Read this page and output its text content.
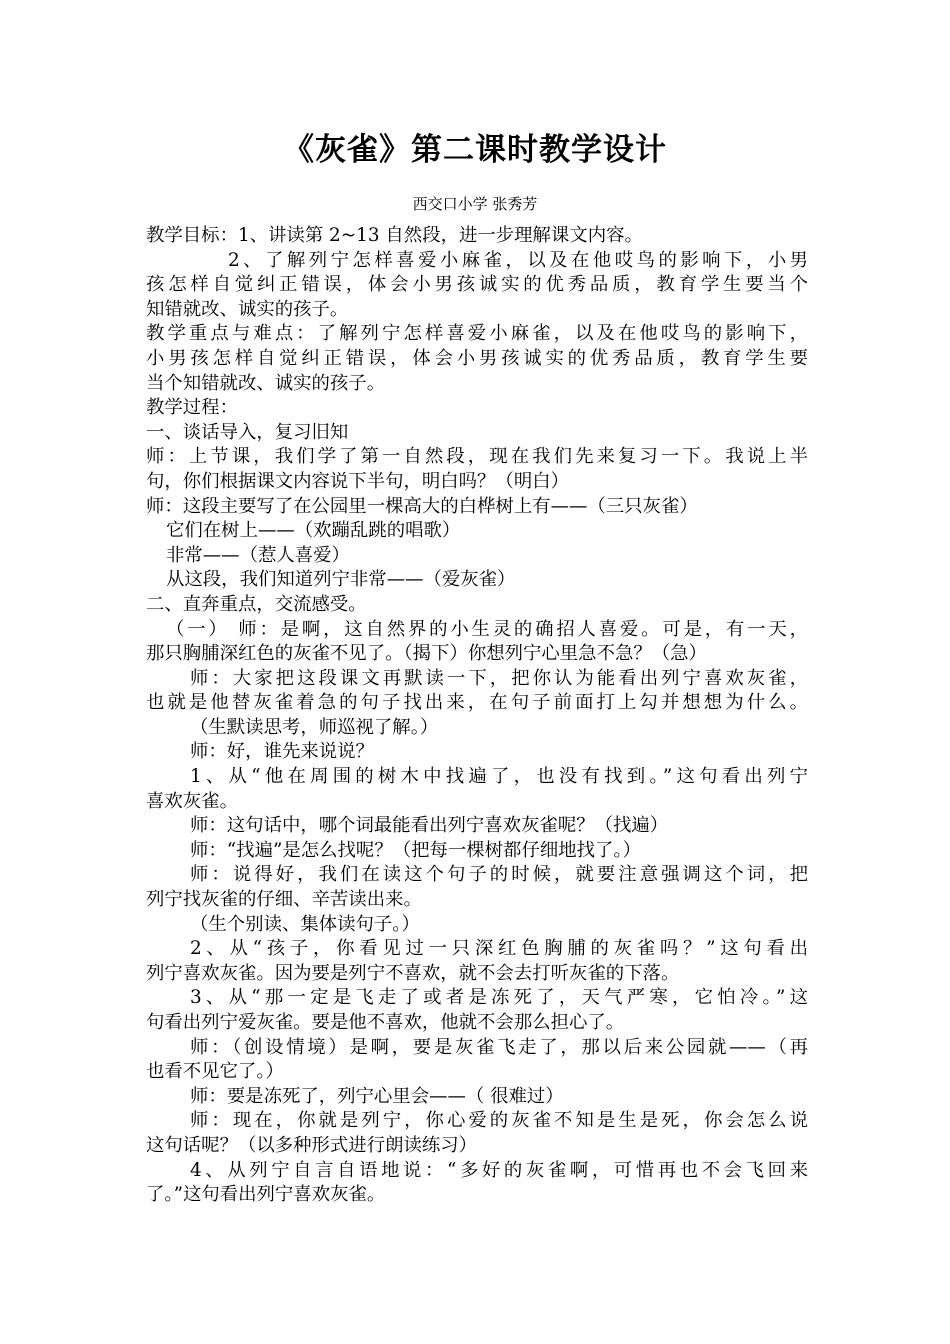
《灰雀》第二课时教学设计
西交口小学 张秀芳
教学目标：1、讲读第 2~13 自然段，进一步理解课文内容。
2、了解列宁怎样喜爱小麻雀，以及在他哎鸟的影响下，小男
孩怎样自觉纠正错误，体会小男孩诚实的优秀品质，教育学生要当个
知错就改、诚实的孩子。
教学重点与难点：了解列宁怎样喜爱小麻雀，以及在他哎鸟的影响下，
小男孩怎样自觉纠正错误，体会小男孩诚实的优秀品质，教育学生要
当个知错就改、诚实的孩子。
教学过程：
一、谈话导入，复习旧知
师：上节课，我们学了第一自然段，现在我们先来复习一下。我说上半
句，你们根据课文内容说下半句，明白吗？（明白）
师：这段主要写了在公园里一棵高大的白桦树上有——（三只灰雀）
它们在树上——（欢蹦乱跳的唱歌）
非常——（惹人喜爱）
从这段，我们知道列宁非常——（爱灰雀）
二、直奔重点，交流感受。
（一） 师：是啊，这自然界的小生灵的确招人喜爱。可是，有一天，
那只胸脯深红色的灰雀不见了。（揭下）你想列宁心里急不急？（急）
师：大家把这段课文再默读一下，把你认为能看出列宁喜欢灰雀，
也就是他替灰雀着急的句子找出来，在句子前面打上勾并想想为什么。
（生默读思考，师巡视了解。）
师：好，谁先来说说？
1、从“他在周围的树木中找遍了，也没有找到。”这句看出列宁
喜欢灰雀。
师：这句话中，哪个词最能看出列宁喜欢灰雀呢？（找遍）
师：“找遍”是怎么找呢？（把每一棵树都仔细地找了。）
师：说得好，我们在读这个句子的时候，就要注意强调这个词，把
列宁找灰雀的仔细、辛苦读出来。
（生个别读、集体读句子。）
2、从“孩子，你看见过一只深红色胸脯的灰雀吗？”这句看出
列宁喜欢灰雀。因为要是列宁不喜欢，就不会去打听灰雀的下落。
3、从“那一定是飞走了或者是冻死了，天气严寒，它怕冷。”这
句看出列宁爱灰雀。要是他不喜欢，他就不会那么担心了。
师：（创设情境）是啊，要是灰雀飞走了，那以后来公园就——（再
也看不见它了。）
师：要是冻死了，列宁心里会——（ 很难过）
师：现在，你就是列宁，你心爱的灰雀不知是生是死，你会怎么说
这句话呢？（以多种形式进行朗读练习）
4、从列宁自言自语地说：“多好的灰雀啊，可惜再也不会飞回来
了。”这句看出列宁喜欢灰雀。
